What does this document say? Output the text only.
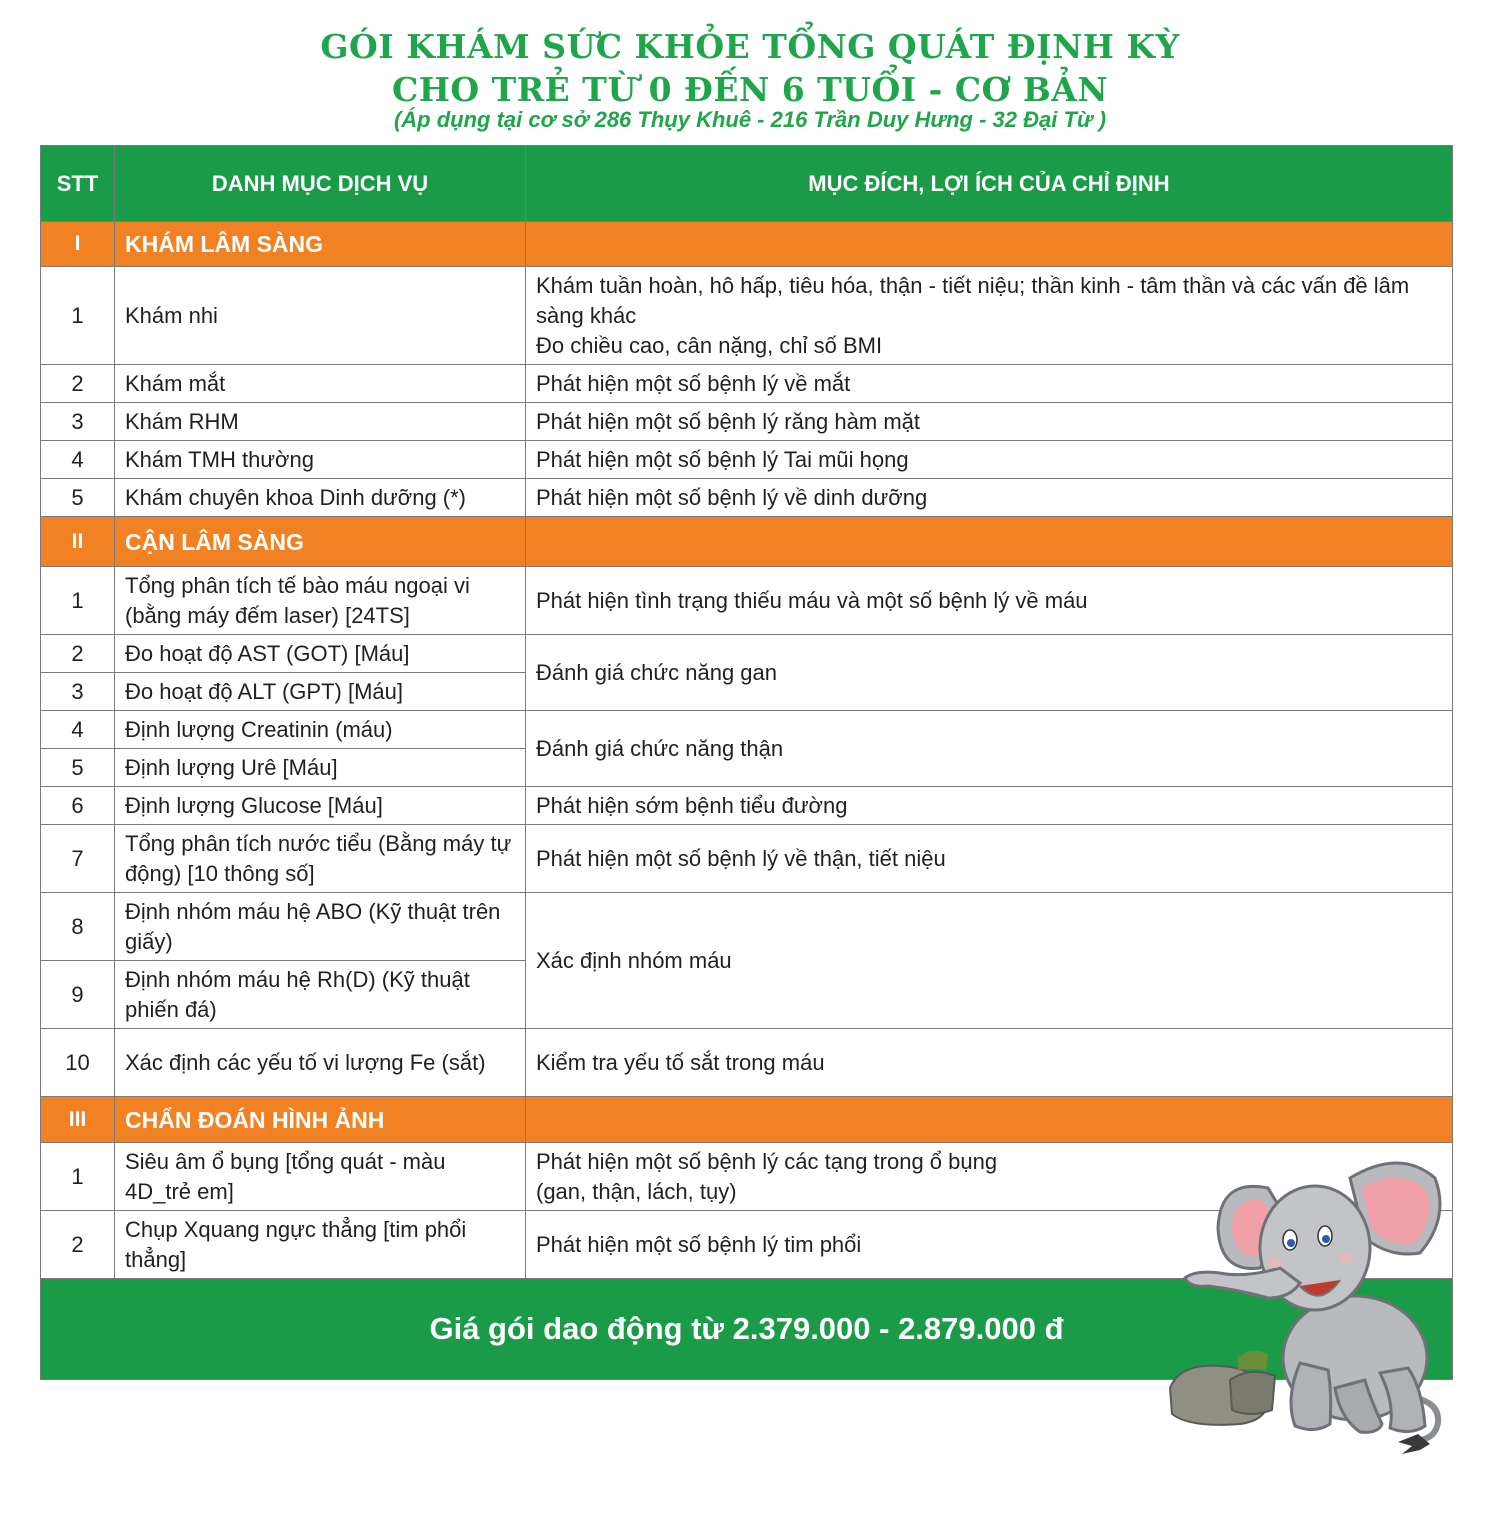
GÓI KHÁM SỨC KHỎE TỔNG QUÁT ĐỊNH KỲ
CHO TRẺ TỪ 0 ĐẾN 6 TUỔI - CƠ BẢN
(Áp dụng tại cơ sở 286 Thụy Khuê - 216 Trần Duy Hưng - 32 Đại Từ )
STT	DANH MỤC DỊCH VỤ	MỤC ĐÍCH, LỢI ÍCH CỦA CHỈ ĐỊNH
I	KHÁM LÂM SÀNG	
1	Khám nhi	Khám tuần hoàn, hô hấp, tiêu hóa, thận - tiết niệu; thần kinh - tâm thần và các vấn đề lâm sàng khác
Đo chiều cao, cân nặng, chỉ số BMI

2	Khám mắt	Phát hiện một số bệnh lý về mắt
3	Khám RHM	Phát hiện một số bệnh lý răng hàm mặt
4	Khám TMH thường	Phát hiện một số bệnh lý Tai mũi họng
5	Khám chuyên khoa Dinh dưỡng (*)	Phát hiện một số bệnh lý về dinh dưỡng
II	CẬN LÂM SÀNG	
1	Tổng phân tích tế bào máu ngoại vi (bằng máy đếm laser) [24TS]	Phát hiện tình trạng thiếu máu và một số bệnh lý về máu
2	Đo hoạt độ AST (GOT) [Máu]	Đánh giá chức năng gan
3	Đo hoạt độ ALT (GPT) [Máu]	
4	Định lượng Creatinin (máu)	Đánh giá chức năng thận
5	Định lượng Urê [Máu]	
6	Định lượng Glucose [Máu]	Phát hiện sớm bệnh tiểu đường
7	Tổng phân tích nước tiểu (Bằng máy tự động) [10 thông số]	Phát hiện một số bệnh lý về thận, tiết niệu
8	Định nhóm máu hệ ABO (Kỹ thuật trên giấy)	Xác định nhóm máu
9	Định nhóm máu hệ Rh(D) (Kỹ thuật phiến đá)	
10	Xác định các yếu tố vi lượng Fe (sắt)	Kiểm tra yếu tố sắt trong máu
III	CHẨN ĐOÁN HÌNH ẢNH	
1	Siêu âm ổ bụng [tổng quát - màu 4D_trẻ em]	Phát hiện một số bệnh lý các tạng trong ổ bụng
(gan, thận, lách, tụy)

2	Chụp Xquang ngực thẳng [tim phổi thẳng]	Phát hiện một số bệnh lý tim phổi
Giá gói dao động từ 2.379.000 - 2.879.000 đ		
